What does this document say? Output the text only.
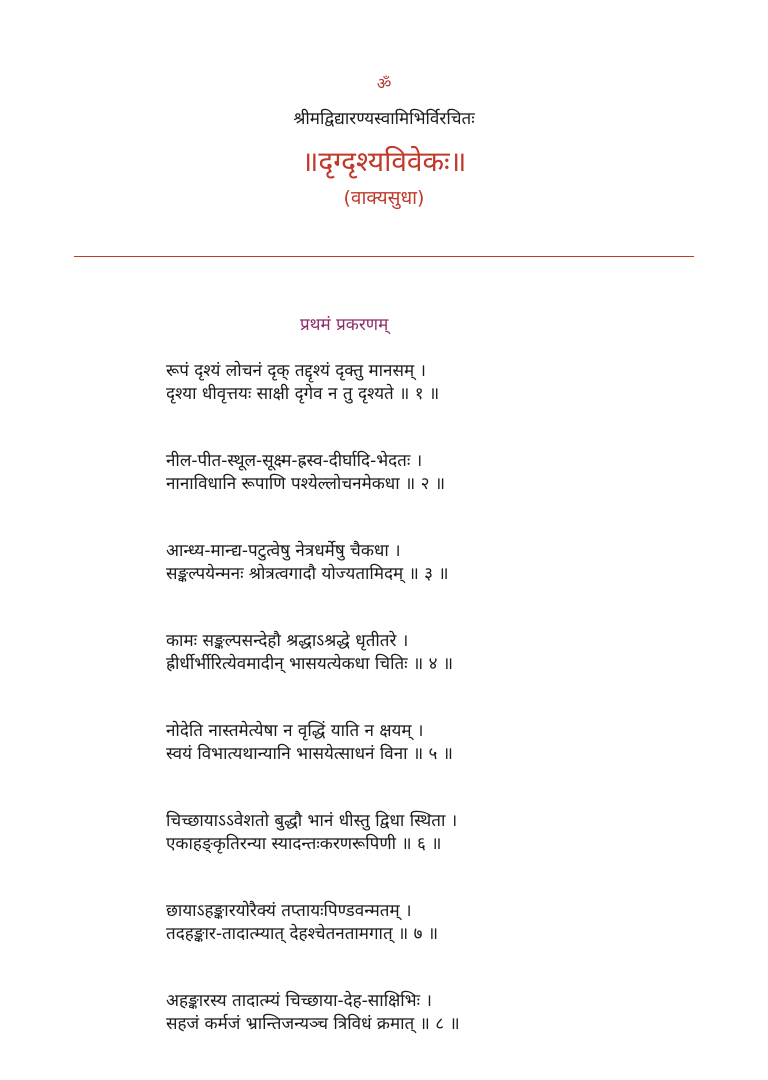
ॐ
श्रीमद्विद्यारण्यस्वामिभिर्विरचितः
॥दृग्दृश्यविवेकः॥
(वाक्यसुधा)
प्रथमं प्रकरणम्
रूपं दृश्यं लोचनं दृक् तद्दृश्यं दृक्तु मानसम् ।
दृश्या धीवृत्तयः साक्षी दृगेव न तु दृश्यते ॥ १ ॥
नील-पीत-स्थूल-सूक्ष्म-ह्रस्व-दीर्घादि-भेदतः ।
नानाविधानि रूपाणि पश्येल्लोचनमेकधा ॥ २ ॥
आन्ध्य-मान्द्य-पटुत्वेषु नेत्रधर्मेषु चैकधा ।
सङ्कल्पयेन्मनः श्रोत्रत्वगादौ योज्यतामिदम् ॥ ३ ॥
कामः सङ्कल्पसन्देहौ श्रद्धाऽश्रद्धे धृतीतरे ।
ह्रीर्धीर्भीरित्येवमादीन् भासयत्येकधा चितिः ॥ ४ ॥
नोदेति नास्तमेत्येषा न वृद्धिं याति न क्षयम् ।
स्वयं विभात्यथान्यानि भासयेत्साधनं विना ॥ ५ ॥
चिच्छायाऽऽवेशतो बुद्धौ भानं धीस्तु द्विधा स्थिता ।
एकाहङ्कृतिरन्या स्यादन्तःकरणरूपिणी ॥ ६ ॥
छायाऽहङ्कारयोरैक्यं तप्तायःपिण्डवन्मतम् ।
तदहङ्कार-तादात्म्यात् देहश्चेतनतामगात् ॥ ७ ॥
अहङ्कारस्य तादात्म्यं चिच्छाया-देह-साक्षिभिः ।
सहजं कर्मजं भ्रान्तिजन्यञ्च त्रिविधं क्रमात् ॥ ८ ॥
